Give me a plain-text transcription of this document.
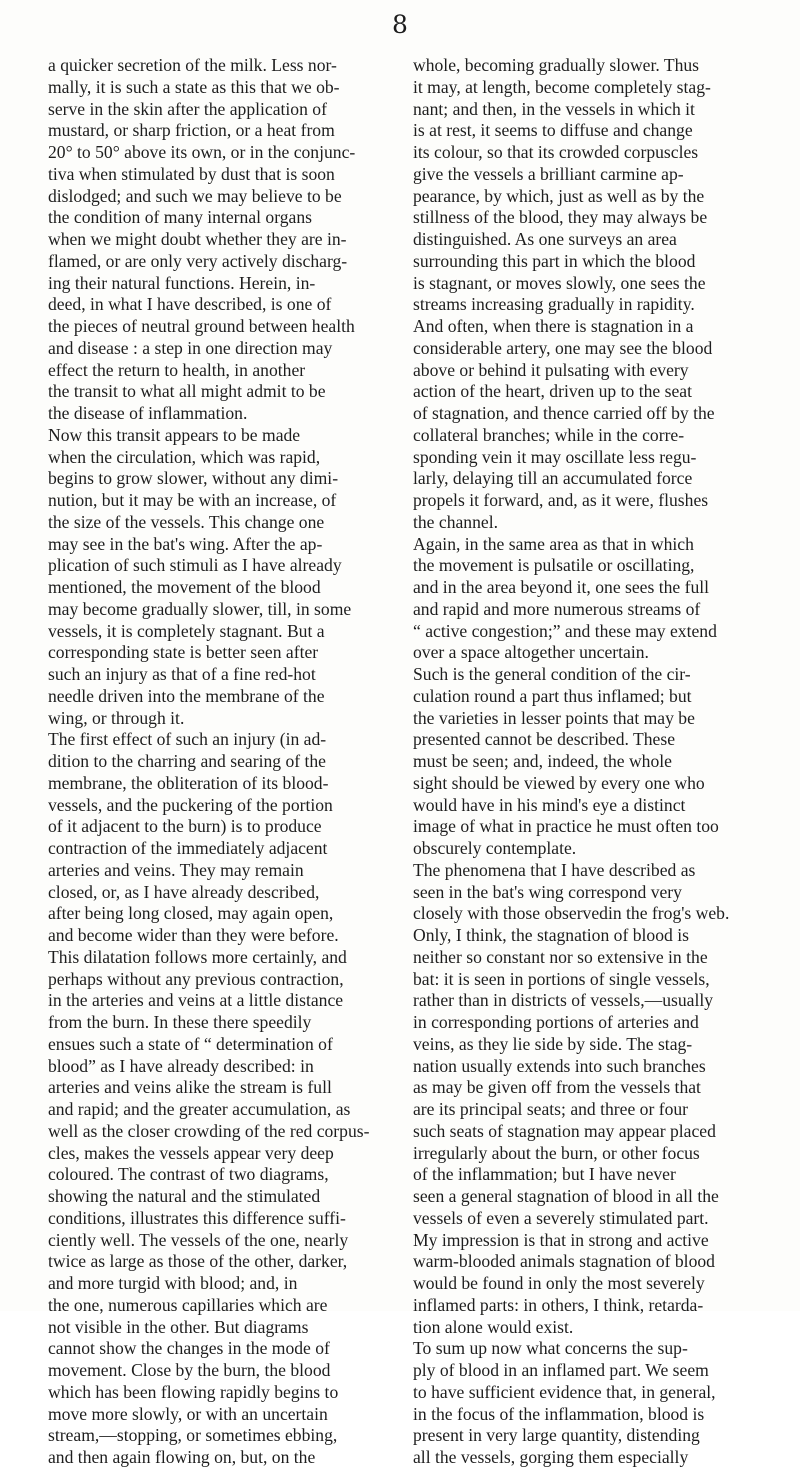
8
a quicker secretion of the milk. Less nor-
mally, it is such a state as this that we ob-
serve in the skin after the application of
mustard, or sharp friction, or a heat from
20° to 50° above its own, or in the conjunc-
tiva when stimulated by dust that is soon
dislodged; and such we may believe to be
the condition of many internal organs
when we might doubt whether they are in-
flamed, or are only very actively discharg-
ing their natural functions. Herein, in-
deed, in what I have described, is one of
the pieces of neutral ground between health
and disease : a step in one direction may
effect the return to health, in another
the transit to what all might admit to be
the disease of inflammation.
Now this transit appears to be made
when the circulation, which was rapid,
begins to grow slower, without any dimi-
nution, but it may be with an increase, of
the size of the vessels. This change one
may see in the bat's wing. After the ap-
plication of such stimuli as I have already
mentioned, the movement of the blood
may become gradually slower, till, in some
vessels, it is completely stagnant. But a
corresponding state is better seen after
such an injury as that of a fine red-hot
needle driven into the membrane of the
wing, or through it.
The first effect of such an injury (in ad-
dition to the charring and searing of the
membrane, the obliteration of its blood-
vessels, and the puckering of the portion
of it adjacent to the burn) is to produce
contraction of the immediately adjacent
arteries and veins. They may remain
closed, or, as I have already described,
after being long closed, may again open,
and become wider than they were before.
This dilatation follows more certainly, and
perhaps without any previous contraction,
in the arteries and veins at a little distance
from the burn. In these there speedily
ensues such a state of “ determination of
blood” as I have already described: in
arteries and veins alike the stream is full
and rapid; and the greater accumulation, as
well as the closer crowding of the red corpus-
cles, makes the vessels appear very deep
coloured. The contrast of two diagrams,
showing the natural and the stimulated
conditions, illustrates this difference suffi-
ciently well. The vessels of the one, nearly
twice as large as those of the other, darker,
and more turgid with blood; and, in
the one, numerous capillaries which are
not visible in the other. But diagrams
cannot show the changes in the mode of
movement. Close by the burn, the blood
which has been flowing rapidly begins to
move more slowly, or with an uncertain
stream,—stopping, or sometimes ebbing,
and then again flowing on, but, on the
whole, becoming gradually slower. Thus
it may, at length, become completely stag-
nant; and then, in the vessels in which it
is at rest, it seems to diffuse and change
its colour, so that its crowded corpuscles
give the vessels a brilliant carmine ap-
pearance, by which, just as well as by the
stillness of the blood, they may always be
distinguished. As one surveys an area
surrounding this part in which the blood
is stagnant, or moves slowly, one sees the
streams increasing gradually in rapidity.
And often, when there is stagnation in a
considerable artery, one may see the blood
above or behind it pulsating with every
action of the heart, driven up to the seat
of stagnation, and thence carried off by the
collateral branches; while in the corre-
sponding vein it may oscillate less regu-
larly, delaying till an accumulated force
propels it forward, and, as it were, flushes
the channel.
Again, in the same area as that in which
the movement is pulsatile or oscillating,
and in the area beyond it, one sees the full
and rapid and more numerous streams of
“ active congestion;” and these may extend
over a space altogether uncertain.
Such is the general condition of the cir-
culation round a part thus inflamed; but
the varieties in lesser points that may be
presented cannot be described. These
must be seen; and, indeed, the whole
sight should be viewed by every one who
would have in his mind's eye a distinct
image of what in practice he must often too
obscurely contemplate.
The phenomena that I have described as
seen in the bat's wing correspond very
closely with those observedin the frog's web.
Only, I think, the stagnation of blood is
neither so constant nor so extensive in the
bat: it is seen in portions of single vessels,
rather than in districts of vessels,—usually
in corresponding portions of arteries and
veins, as they lie side by side. The stag-
nation usually extends into such branches
as may be given off from the vessels that
are its principal seats; and three or four
such seats of stagnation may appear placed
irregularly about the burn, or other focus
of the inflammation; but I have never
seen a general stagnation of blood in all the
vessels of even a severely stimulated part.
My impression is that in strong and active
warm-blooded animals stagnation of blood
would be found in only the most severely
inflamed parts: in others, I think, retarda-
tion alone would exist.
To sum up now what concerns the sup-
ply of blood in an inflamed part. We seem
to have sufficient evidence that, in general,
in the focus of the inflammation, blood is
present in very large quantity, distending
all the vessels, gorging them especially
